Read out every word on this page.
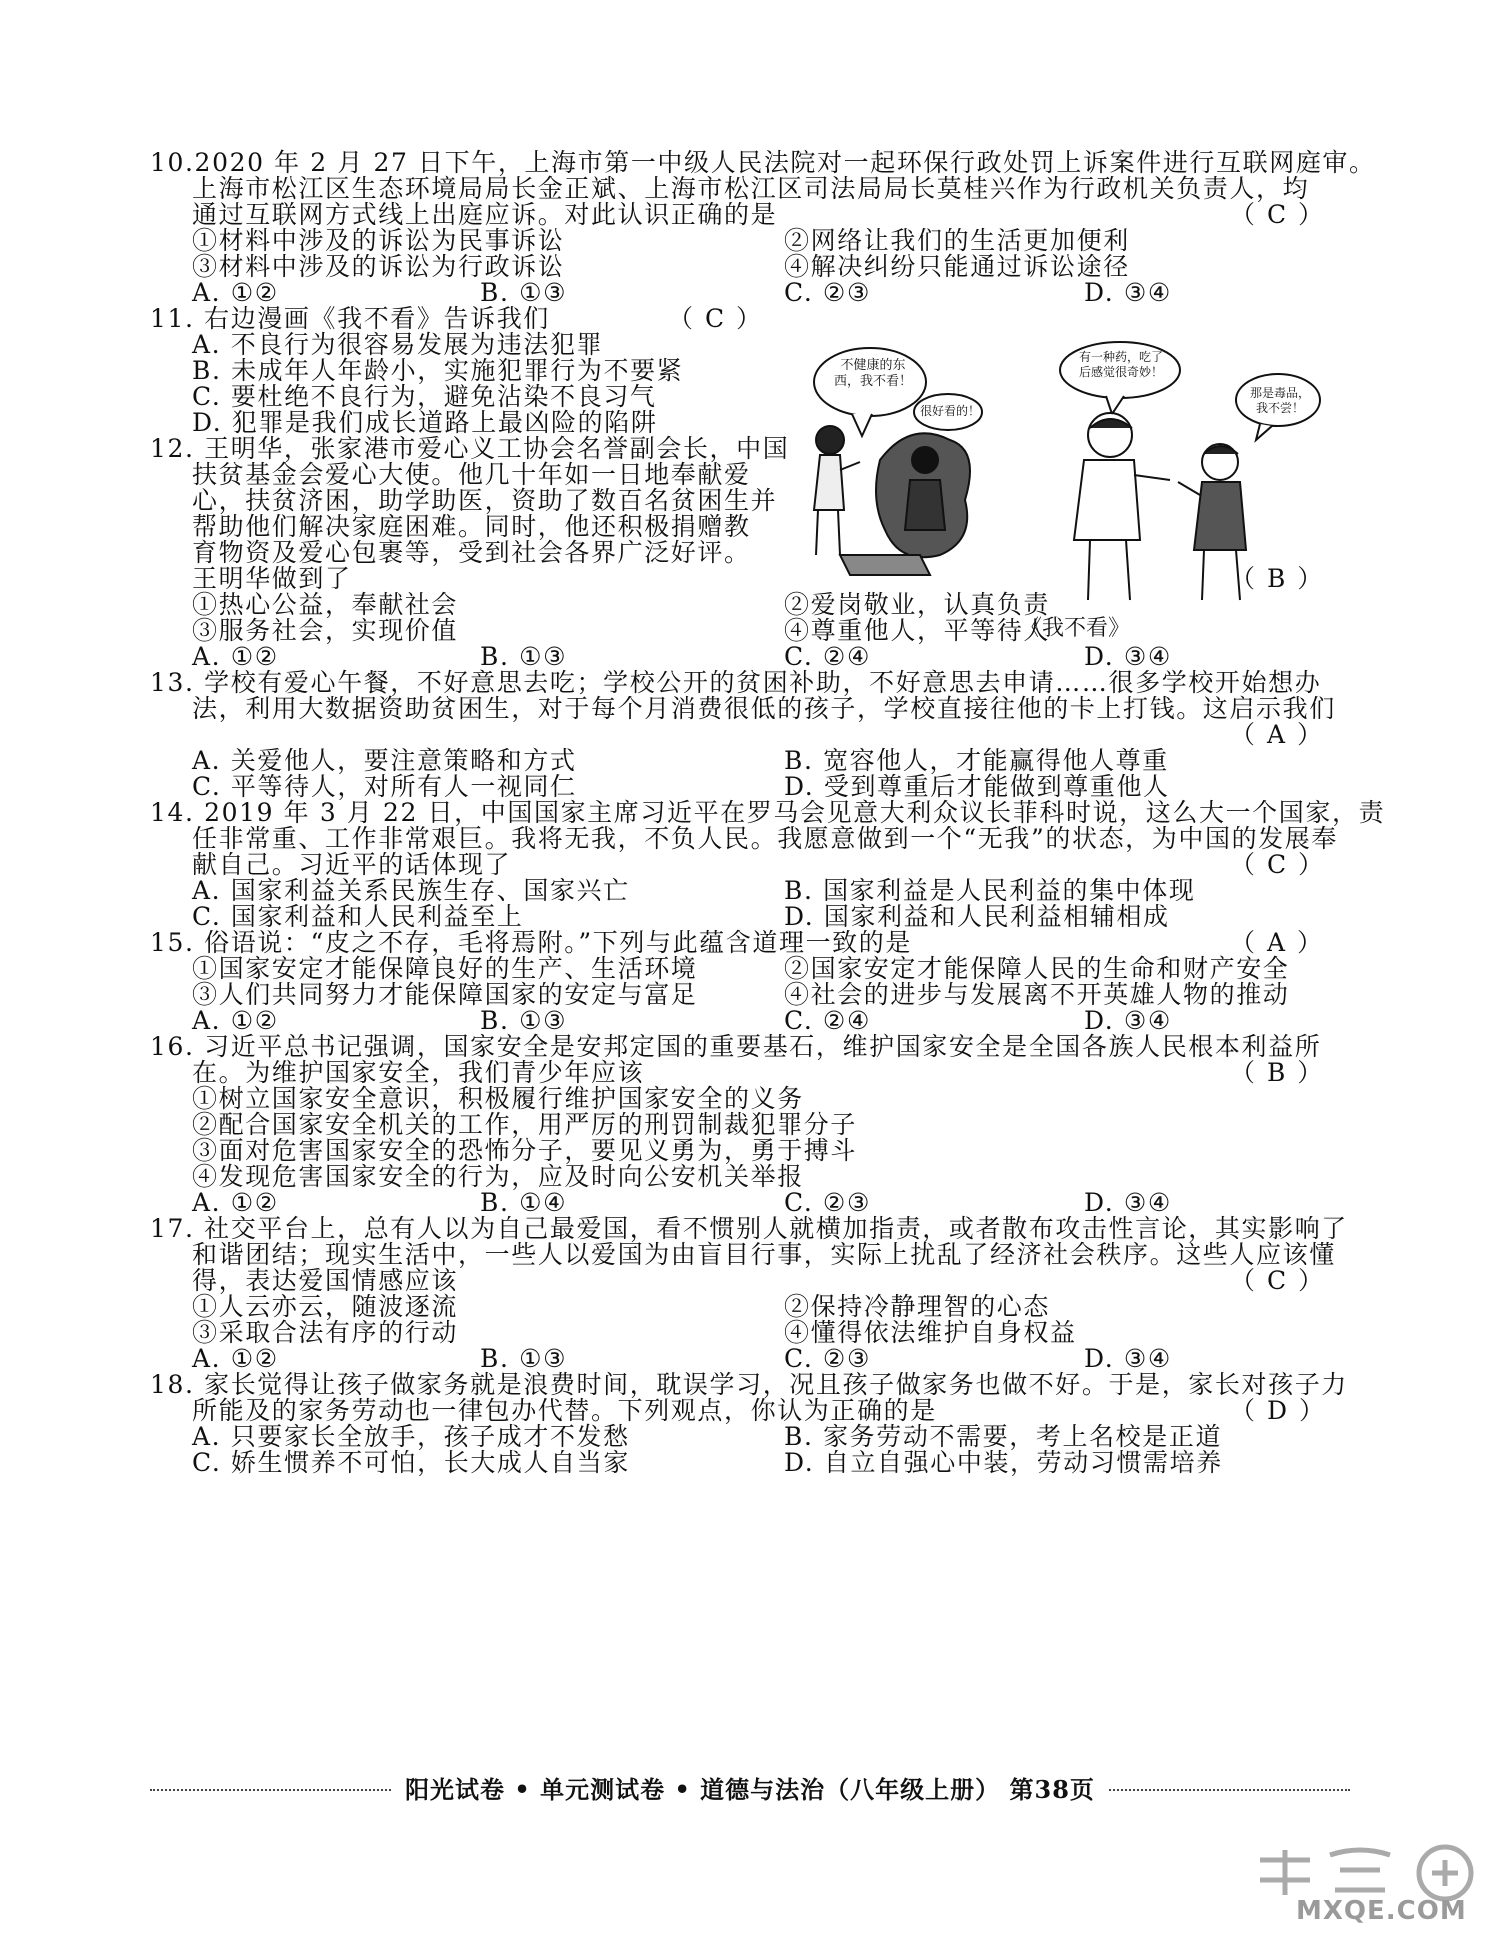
10.2020 年 2 月 27 日下午，上海市第一中级人民法院对一起环保行政处罚上诉案件进行互联网庭审。
上海市松江区生态环境局局长金正斌、上海市松江区司法局局长莫桂兴作为行政机关负责人，均
通过互联网方式线上出庭应诉。对此认识正确的是	（ C ）
①材料中涉及的诉讼为民事诉讼	②网络让我们的生活更加便利
③材料中涉及的诉讼为行政诉讼	④解决纠纷只能通过诉讼途径
A. ①②	B. ①③	C. ②③	D. ③④
11. 右边漫画《我不看》告诉我们	（ C ）
A. 不良行为很容易发展为违法犯罪
B. 未成年人年龄小，实施犯罪行为不要紧
C. 要杜绝不良行为，避免沾染不良习气
D. 犯罪是我们成长道路上最凶险的陷阱
不健康的东西，我不看！
很好看的！
有一种药，吃了后感觉很奇妙！
那是毒品，我不尝！
《我不看》
12. 王明华，张家港市爱心义工协会名誉副会长，中国
扶贫基金会爱心大使。他几十年如一日地奉献爱
心，扶贫济困，助学助医，资助了数百名贫困生并
帮助他们解决家庭困难。同时，他还积极捐赠教
育物资及爱心包裹等，受到社会各界广泛好评。
王明华做到了	（ B ）
①热心公益，奉献社会	②爱岗敬业，认真负责
③服务社会，实现价值	④尊重他人，平等待人
A. ①②	B. ①③	C. ②④	D. ③④
13. 学校有爱心午餐，不好意思去吃；学校公开的贫困补助，不好意思去申请……很多学校开始想办
法，利用大数据资助贫困生，对于每个月消费很低的孩子，学校直接往他的卡上打钱。这启示我们
（ A ）
A. 关爱他人，要注意策略和方式	B. 宽容他人，才能赢得他人尊重
C. 平等待人，对所有人一视同仁	D. 受到尊重后才能做到尊重他人
14. 2019 年 3 月 22 日，中国国家主席习近平在罗马会见意大利众议长菲科时说，这么大一个国家，责
任非常重、工作非常艰巨。我将无我，不负人民。我愿意做到一个“无我”的状态，为中国的发展奉
献自己。习近平的话体现了	（ C ）
A. 国家利益关系民族生存、国家兴亡	B. 国家利益是人民利益的集中体现
C. 国家利益和人民利益至上	D. 国家利益和人民利益相辅相成
15. 俗语说：“皮之不存，毛将焉附。”下列与此蕴含道理一致的是	（ A ）
①国家安定才能保障良好的生产、生活环境	②国家安定才能保障人民的生命和财产安全
③人们共同努力才能保障国家的安定与富足	④社会的进步与发展离不开英雄人物的推动
A. ①②	B. ①③	C. ②④	D. ③④
16. 习近平总书记强调，国家安全是安邦定国的重要基石，维护国家安全是全国各族人民根本利益所
在。为维护国家安全，我们青少年应该	（ B ）
①树立国家安全意识，积极履行维护国家安全的义务
②配合国家安全机关的工作，用严厉的刑罚制裁犯罪分子
③面对危害国家安全的恐怖分子，要见义勇为，勇于搏斗
④发现危害国家安全的行为，应及时向公安机关举报
A. ①②	B. ①④	C. ②③	D. ③④
17. 社交平台上，总有人以为自己最爱国，看不惯别人就横加指责，或者散布攻击性言论，其实影响了
和谐团结；现实生活中，一些人以爱国为由盲目行事，实际上扰乱了经济社会秩序。这些人应该懂
得，表达爱国情感应该	（ C ）
①人云亦云，随波逐流	②保持冷静理智的心态
③采取合法有序的行动	④懂得依法维护自身权益
A. ①②	B. ①③	C. ②③	D. ③④
18. 家长觉得让孩子做家务就是浪费时间，耽误学习，况且孩子做家务也做不好。于是，家长对孩子力
所能及的家务劳动也一律包办代替。下列观点，你认为正确的是	（ D ）
A. 只要家长全放手，孩子成才不发愁	B. 家务劳动不需要，考上名校是正道
C. 娇生惯养不可怕，长大成人自当家	D. 自立自强心中装，劳动习惯需培养
阳光试卷 • 单元测试卷 • 道德与法治（八年级上册） 第38页
MXQE.COM
